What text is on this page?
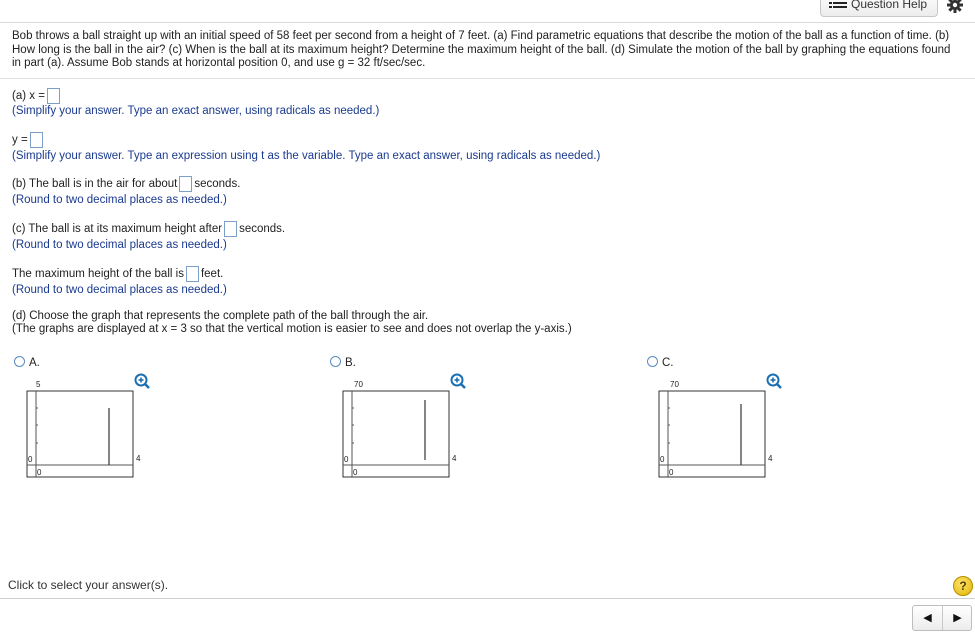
Question Help
Bob throws a ball straight up with an initial speed of 58 feet per second from a height of 7 feet. (a) Find parametric equations that describe the motion of the ball as a function of time. (b) How long is the ball in the air? (c) When is the ball at its maximum height? Determine the maximum height of the ball. (d) Simulate the motion of the ball by graphing the equations found in part (a). Assume Bob stands at horizontal position 0, and use g = 32 ft/sec/sec.
(a) x =
(Simplify your answer. Type an exact answer, using radicals as needed.)
y =
(Simplify your answer. Type an expression using t as the variable. Type an exact answer, using radicals as needed.)
(b) The ball is in the air for about seconds.
(Round to two decimal places as needed.)
(c) The ball is at its maximum height after seconds.
(Round to two decimal places as needed.)
The maximum height of the ball is feet.
(Round to two decimal places as needed.)
(d) Choose the graph that represents the complete path of the ball through the air.
(The graphs are displayed at x = 3 so that the vertical motion is easier to see and does not overlap the y-axis.)
A.
5
0
0
4
B.
70
0
0
4
C.
70
0
0
4
Click to select your answer(s).	?
◀	▶
